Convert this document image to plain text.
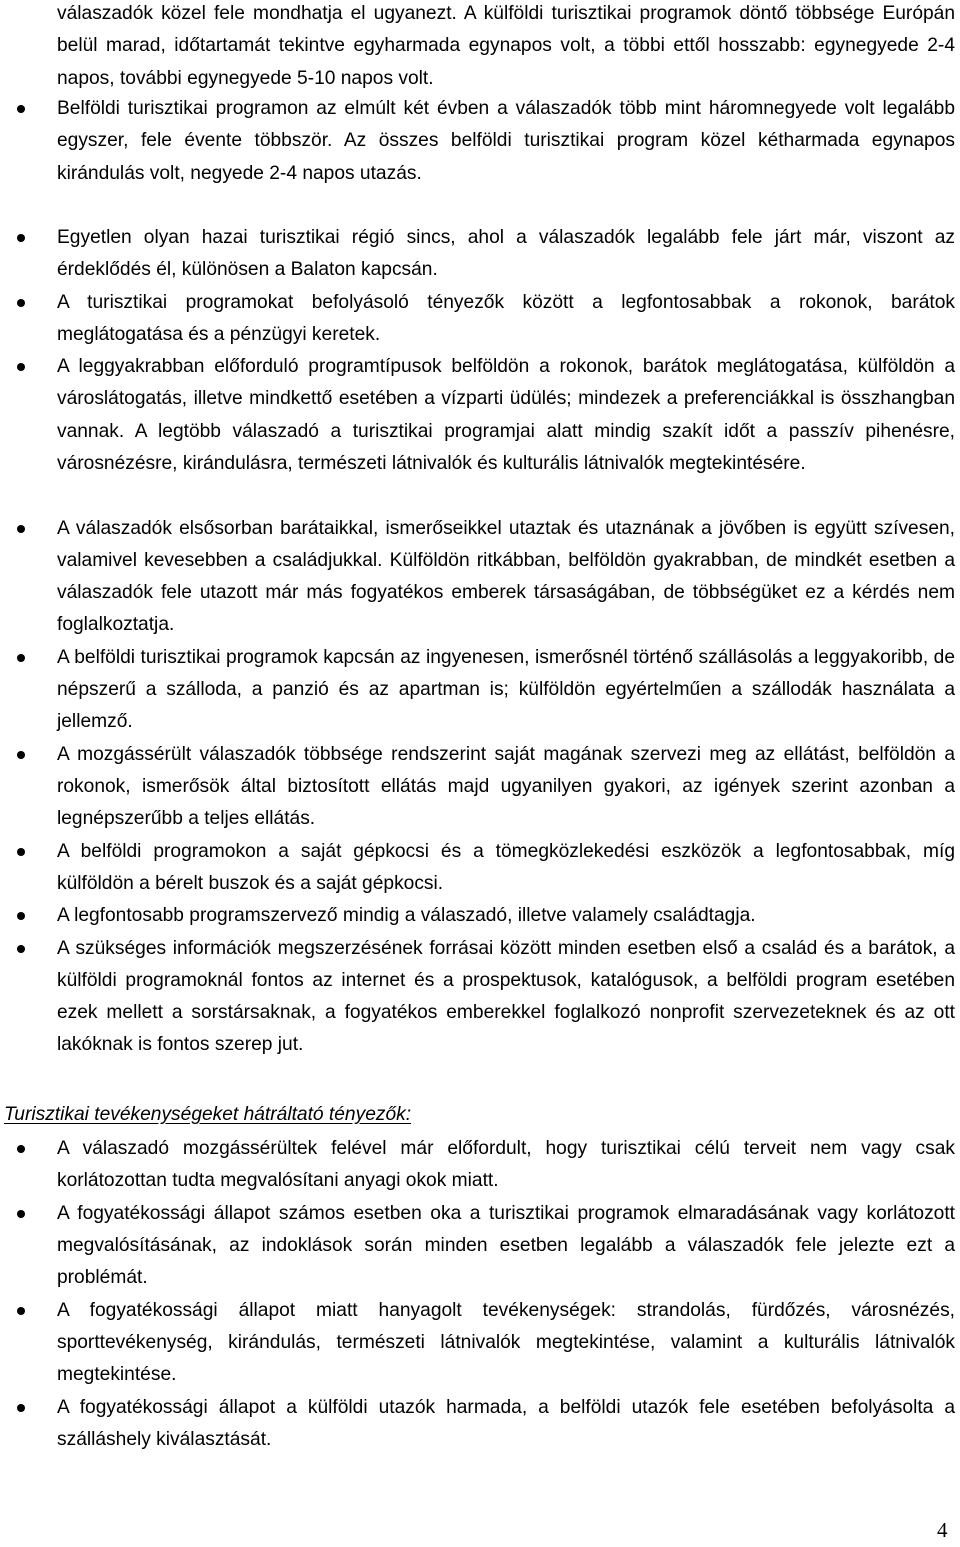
válaszadók közel fele mondhatja el ugyanezt. A külföldi turisztikai programok döntő többsége Európán belül marad, időtartamát tekintve egyharmada egynapos volt, a többi ettől hosszabb: egynegyede 2-4 napos, további egynegyede 5-10 napos volt.

Belföldi turisztikai programon az elmúlt két évben a válaszadók több mint háromnegyede volt legalább egyszer, fele évente többször. Az összes belföldi turisztikai program közel kétharmada egynapos kirándulás volt, negyede 2-4 napos utazás.
Egyetlen olyan hazai turisztikai régió sincs, ahol a válaszadók legalább fele járt már, viszont az érdeklődés él, különösen a Balaton kapcsán.
A turisztikai programokat befolyásoló tényezők között a legfontosabbak a rokonok, barátok meglátogatása és a pénzügyi keretek.
A leggyakrabban előforduló programtípusok belföldön a rokonok, barátok meglátogatása, külföldön a városlátogatás, illetve mindkettő esetében a vízparti üdülés; mindezek a preferenciákkal is összhangban vannak. A legtöbb válaszadó a turisztikai programjai alatt mindig szakít időt a passzív pihenésre, városnézésre, kirándulásra, természeti látnivalók és kulturális látnivalók megtekintésére.
A válaszadók elsősorban barátaikkal, ismerőseikkel utaztak és utaznának a jövőben is együtt szívesen, valamivel kevesebben a családjukkal. Külföldön ritkábban, belföldön gyakrabban, de mindkét esetben a válaszadók fele utazott már más fogyatékos emberek társaságában, de többségüket ez a kérdés nem foglalkoztatja.
A belföldi turisztikai programok kapcsán az ingyenesen, ismerősnél történő szállásolás a leggyakoribb, de népszerű a szálloda, a panzió és az apartman is; külföldön egyértelműen a szállodák használata a jellemző.
A mozgássérült válaszadók többsége rendszerint saját magának szervezi meg az ellátást, belföldön a rokonok, ismerősök által biztosított ellátás majd ugyanilyen gyakori, az igények szerint azonban a legnépszerűbb a teljes ellátás.
A belföldi programokon a saját gépkocsi és a tömegközlekedési eszközök a legfontosabbak, míg külföldön a bérelt buszok és a saját gépkocsi.
A legfontosabb programszervező mindig a válaszadó, illetve valamely családtagja.
A szükséges információk megszerzésének forrásai között minden esetben első a család és a barátok, a külföldi programoknál fontos az internet és a prospektusok, katalógusok, a belföldi program esetében ezek mellett a sorstársaknak, a fogyatékos emberekkel foglalkozó nonprofit szervezeteknek és az ott lakóknak is fontos szerep jut.

Turisztikai tevékenységeket hátráltató tényezők:

A válaszadó mozgássérültek felével már előfordult, hogy turisztikai célú terveit nem vagy csak korlátozottan tudta megvalósítani anyagi okok miatt.
A fogyatékossági állapot számos esetben oka a turisztikai programok elmaradásának vagy korlátozott megvalósításának, az indoklások során minden esetben legalább a válaszadók fele jelezte ezt a problémát.
A fogyatékossági állapot miatt hanyagolt tevékenységek: strandolás, fürdőzés, városnézés, sporttevékenység, kirándulás, természeti látnivalók megtekintése, valamint a kulturális látnivalók megtekintése.
A fogyatékossági állapot a külföldi utazók harmada, a belföldi utazók fele esetében befolyásolta a szálláshely kiválasztását.
4
